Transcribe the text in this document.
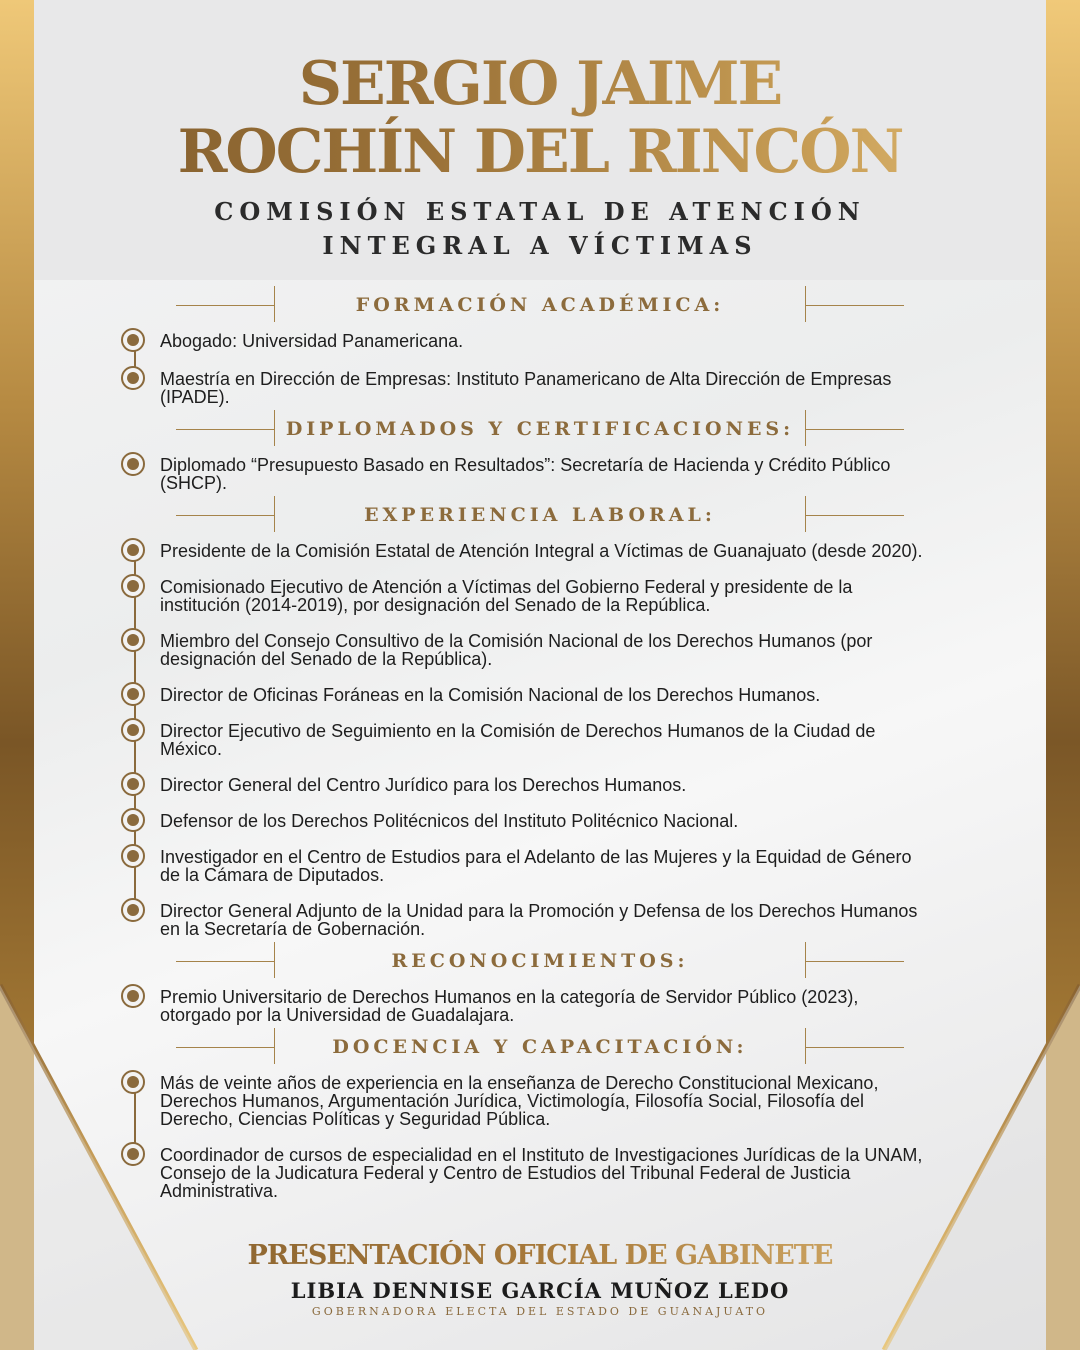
SERGIO JAIME
ROCHÍN DEL RINCÓN
COMISIÓN ESTATAL DE ATENCIÓN
INTEGRAL A VÍCTIMAS
FORMACIÓN ACADÉMICA:
Abogado: Universidad Panamericana.
Maestría en Dirección de Empresas: Instituto Panamericano de Alta Dirección de Empresas (IPADE).
DIPLOMADOS Y CERTIFICACIONES:
Diplomado “Presupuesto Basado en Resultados”: Secretaría de Hacienda y Crédito Público (SHCP).
EXPERIENCIA LABORAL:
Presidente de la Comisión Estatal de Atención Integral a Víctimas de Guanajuato (desde 2020).
Comisionado Ejecutivo de Atención a Víctimas del Gobierno Federal y presidente de la institución (2014-2019), por designación del Senado de la República.
Miembro del Consejo Consultivo de la Comisión Nacional de los Derechos Humanos (por designación del Senado de la República).
Director de Oficinas Foráneas en la Comisión Nacional de los Derechos Humanos.
Director Ejecutivo de Seguimiento en la Comisión de Derechos Humanos de la Ciudad de México.
Director General del Centro Jurídico para los Derechos Humanos.
Defensor de los Derechos Politécnicos del Instituto Politécnico Nacional.
Investigador en el Centro de Estudios para el Adelanto de las Mujeres y la Equidad de Género de la Cámara de Diputados.
Director General Adjunto de la Unidad para la Promoción y Defensa de los Derechos Humanos en la Secretaría de Gobernación.
RECONOCIMIENTOS:
Premio Universitario de Derechos Humanos en la categoría de Servidor Público (2023), otorgado por la Universidad de Guadalajara.
DOCENCIA Y CAPACITACIÓN:
Más de veinte años de experiencia en la enseñanza de Derecho Constitucional Mexicano, Derechos Humanos, Argumentación Jurídica, Victimología, Filosofía Social, Filosofía del Derecho, Ciencias Políticas y Seguridad Pública.
Coordinador de cursos de especialidad en el Instituto de Investigaciones Jurídicas de la UNAM, Consejo de la Judicatura Federal y Centro de Estudios del Tribunal Federal de Justicia Administrativa.

PRESENTACIÓN OFICIAL DE GABINETE

LIBIA DENNISE GARCÍA MUÑOZ LEDO

GOBERNADORA ELECTA DEL ESTADO DE GUANAJUATO
